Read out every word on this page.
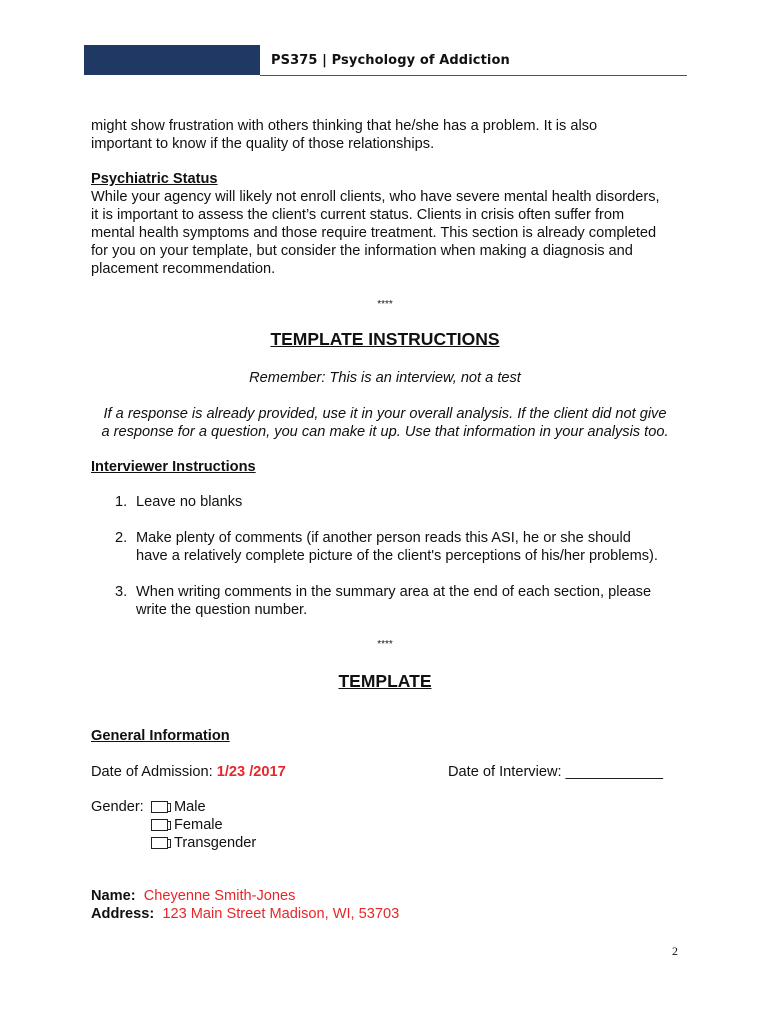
PS375 | Psychology of Addiction
might show frustration with others thinking that he/she has a problem. It is also
important to know if the quality of those relationships.
Psychiatric Status
While your agency will likely not enroll clients, who have severe mental health disorders,
it is important to assess the client’s current status. Clients in crisis often suffer from
mental health symptoms and those require treatment. This section is already completed
for you on your template, but consider the information when making a diagnosis and
placement recommendation.
****
TEMPLATE INSTRUCTIONS
Remember: This is an interview, not a test
If a response is already provided, use it in your overall analysis. If the client did not give
a response for a question, you can make it up. Use that information in your analysis too.
Interviewer Instructions
1. Leave no blanks
2. Make plenty of comments (if another person reads this ASI, he or she should
have a relatively complete picture of the client's perceptions of his/her problems).
3. When writing comments in the summary area at the end of each section, please
write the question number.
****
TEMPLATE
General Information
Date of Admission: 1/23 /2017	Date of Interview: ____________
Gender: Male
Female
Transgender
Name: Cheyenne Smith-Jones
Address: 123 Main Street Madison, WI, 53703
2
